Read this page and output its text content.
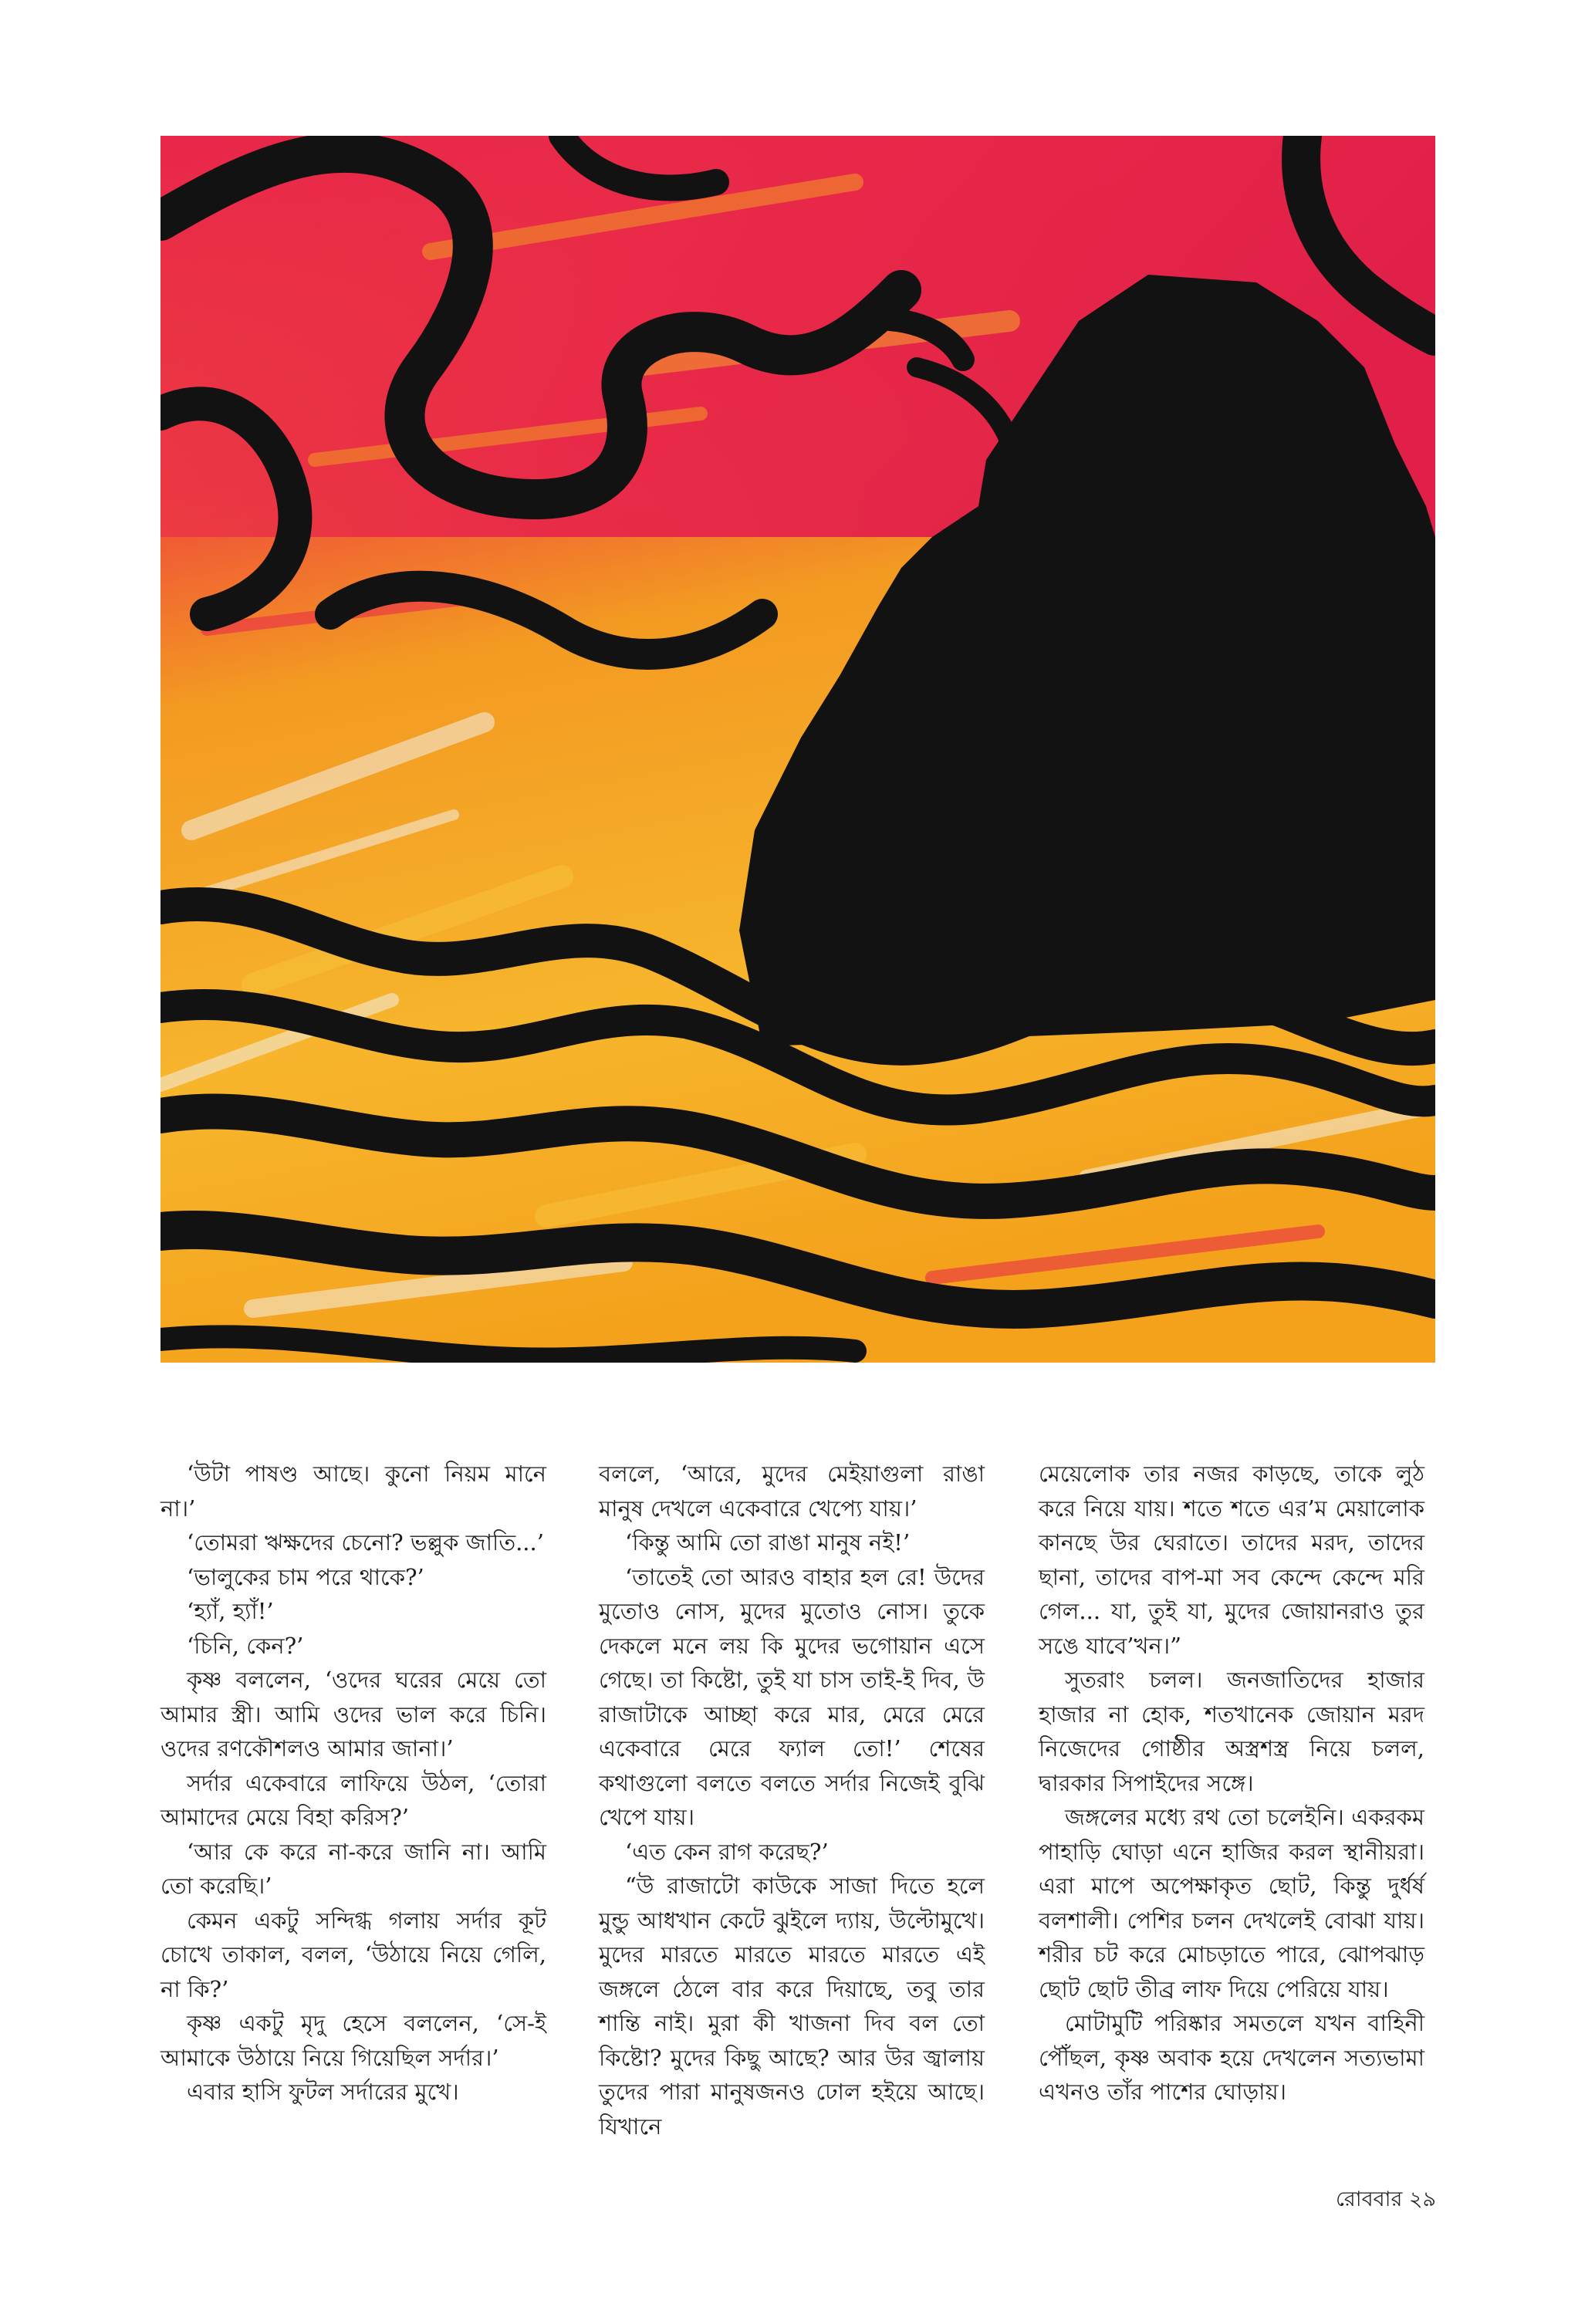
‘উটা পাষণ্ড আছে। কুনো নিয়ম মানে না।’

‘তোমরা ঋক্ষদের চেনো? ভল্লুক জাতি...’

‘ভালুকের চাম পরে থাকে?’

‘হ্যাঁ, হ্যাঁ!’

‘চিনি, কেন?’

কৃষ্ণ বললেন, ‘ওদের ঘরের মেয়ে তো আমার স্ত্রী। আমি ওদের ভাল করে চিনি। ওদের রণকৌশলও আমার জানা।’

সর্দার একেবারে লাফিয়ে উঠল, ‘তোরা আমাদের মেয়ে বিহা করিস?’

‘আর কে করে না-করে জানি না। আমি তো করেছি।’

কেমন একটু সন্দিগ্ধ গলায় সর্দার কূট চোখে তাকাল, বলল, ‘উঠায়ে নিয়ে গেলি, না কি?’

কৃষ্ণ একটু মৃদু হেসে বললেন, ‘সে-ই আমাকে উঠায়ে নিয়ে গিয়েছিল সর্দার।’

এবার হাসি ফুটল সর্দারের মুখে।

বললে, ‘আরে, মুদের মেইয়াগুলা রাঙা মানুষ দেখলে একেবারে খেপ্যে যায়।’

‘কিন্তু আমি তো রাঙা মানুষ নই!’

‘তাতেই তো আরও বাহার হল রে! উদের মুতোও নোস, মুদের মুতোও নোস। তুকে দেকলে মনে লয় কি মুদের ভগোয়ান এসে গেছে। তা কিষ্টো, তুই যা চাস তাই-ই দিব, উ রাজাটাকে আচ্ছা করে মার, মেরে মেরে একেবারে মেরে ফ্যাল তো!’ শেষের কথাগুলো বলতে বলতে সর্দার নিজেই বুঝি খেপে যায়।

‘এত কেন রাগ করেছ?’

“উ রাজাটো কাউকে সাজা দিতে হলে মুন্ডু আধখান কেটে ঝুইলে দ্যায়, উল্টোমুখে। মুদের মারতে মারতে মারতে মারতে এই জঙ্গলে ঠেলে বার করে দিয়াছে, তবু তার শান্তি নাই। মুরা কী খাজনা দিব বল তো কিষ্টো? মুদের কিছু আছে? আর উর জ্বালায় তুদের পারা মানুষজনও ঢোল হইয়ে আছে। যিখানে

মেয়েলোক তার নজর কাড়ছে, তাকে লুঠ করে নিয়ে যায়। শতে শতে এর’ম মেয়ালোক কানছে উর ঘেরাতে। তাদের মরদ, তাদের ছানা, তাদের বাপ-মা সব কেন্দে কেন্দে মরি গেল... যা, তুই যা, মুদের জোয়ানরাও তুর সঙে যাবে’খন।”

সুতরাং চলল। জনজাতিদের হাজার হাজার না হোক, শতখানেক জোয়ান মরদ নিজেদের গোষ্ঠীর অস্ত্রশস্ত্র নিয়ে চলল, দ্বারকার সিপাইদের সঙ্গে।

জঙ্গলের মধ্যে রথ তো চলেইনি। একরকম পাহাড়ি ঘোড়া এনে হাজির করল স্থানীয়রা। এরা মাপে অপেক্ষাকৃত ছোট, কিন্তু দুর্ধর্ষ বলশালী। পেশির চলন দেখলেই বোঝা যায়। শরীর চট করে মোচড়াতে পারে, ঝোপঝাড় ছোট ছোট তীব্র লাফ দিয়ে পেরিয়ে যায়।

মোটামুটি পরিষ্কার সমতলে যখন বাহিনী পৌঁছল, কৃষ্ণ অবাক হয়ে দেখলেন সত্যভামা এখনও তাঁর পাশের ঘোড়ায়।

রোববার ২৯
